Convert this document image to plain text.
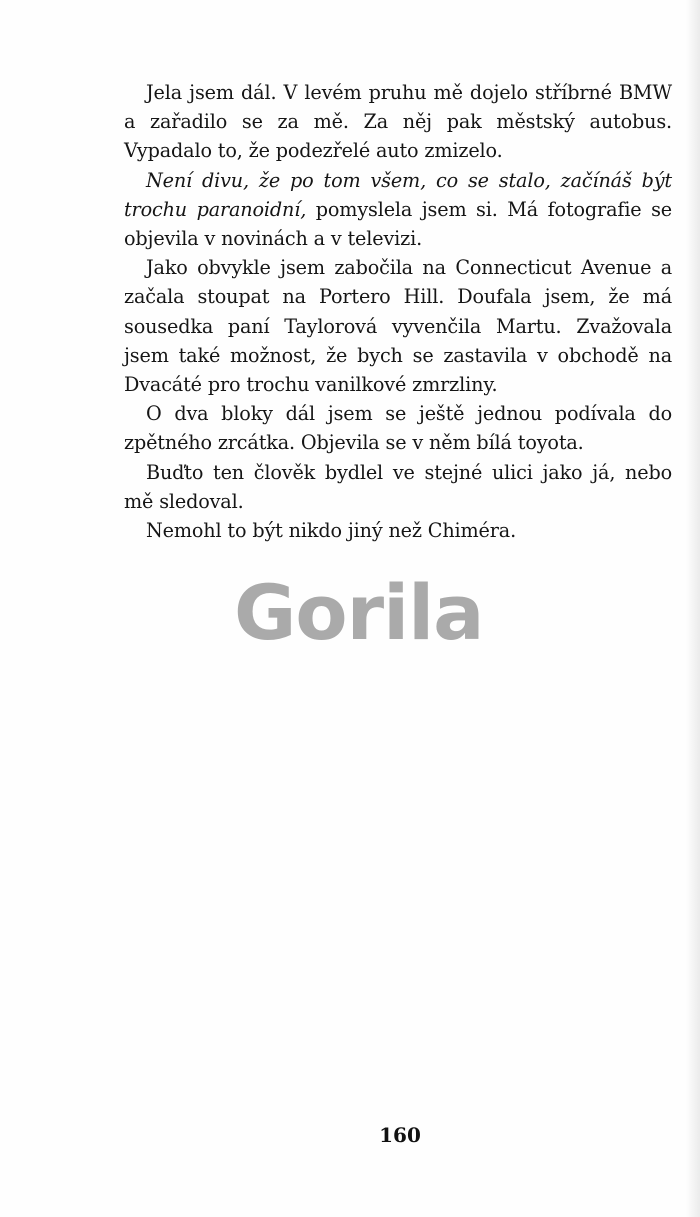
Jela jsem dál. V levém pruhu mě dojelo stříbrné BMW a zařadilo se za mě. Za něj pak městský autobus. Vypadalo to, že podezřelé auto zmizelo.

Není divu, že po tom všem, co se stalo, začínáš být trochu paranoidní, pomyslela jsem si. Má fotografie se objevila v novinách a v televizi.

Jako obvykle jsem zabočila na Connecticut Avenue a začala stoupat na Portero Hill. Doufala jsem, že má sousedka paní Taylorová vyvenčila Martu. Zvažovala jsem také možnost, že bych se zastavila v obchodě na Dvacáté pro trochu vanilkové zmrzliny.

O dva bloky dál jsem se ještě jednou podívala do zpětného zrcátka. Objevila se v něm bílá toyota.

Buďto ten člověk bydlel ve stejné ulici jako já, nebo mě sledoval.

Nemohl to být nikdo jiný než Chiméra.

Gorila
160
